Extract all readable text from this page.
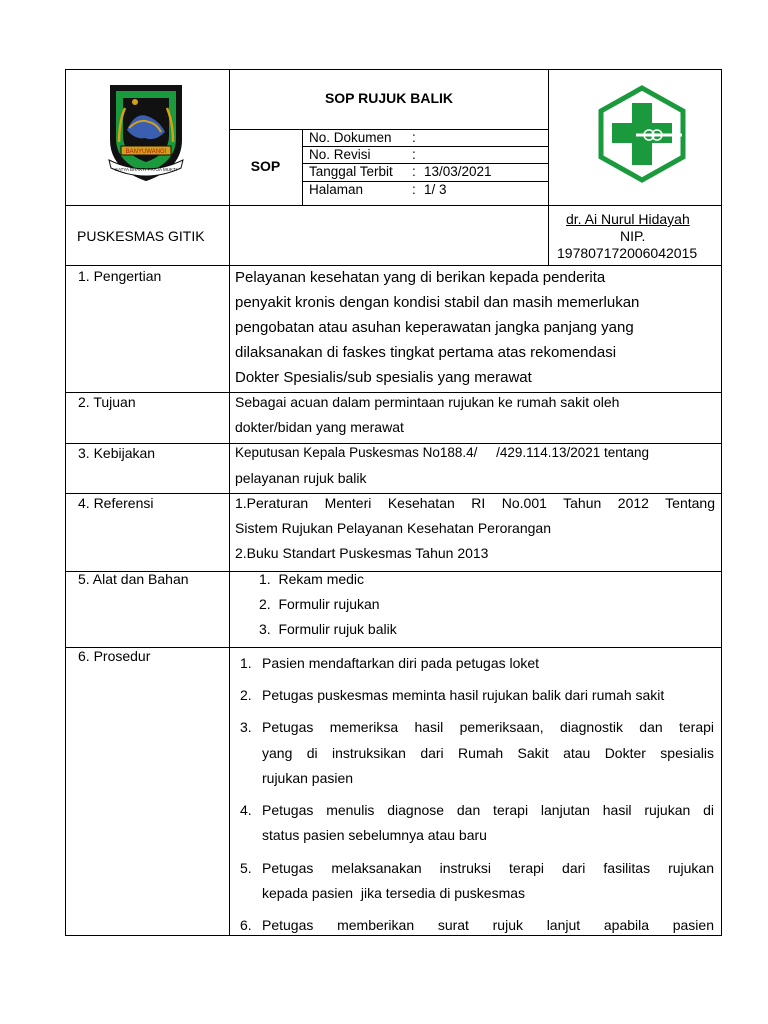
BANYUWANGI
SATYA BHAKTI PRAJA MUKTI
SOP RUJUK BALIK
SOP
No. Dokumen :
No. Revisi	:
Tanggal Terbit : 13/03/2021
Halaman	: 1/ 3
PUSKESMAS GITIK
dr. Ai Nurul Hidayah
NIP.
197807172006042015
1. Pengertian	Pelayanan kesehatan yang di berikan kepada penderita
penyakit kronis dengan kondisi stabil dan masih memerlukan
pengobatan atau asuhan keperawatan jangka panjang yang
dilaksanakan di faskes tingkat pertama atas rekomendasi
Dokter Spesialis/sub spesialis yang merawat
2. Tujuan	Sebagai acuan dalam permintaan rujukan ke rumah sakit oleh
dokter/bidan yang merawat
3. Kebijakan	Keputusan Kepala Puskesmas No188.4/     /429.114.13/2021 tentang
pelayanan rujuk balik
4. Referensi	1.Peraturan Menteri Kesehatan RI No.001 Tahun 2012 Tentang
Sistem Rujukan Pelayanan Kesehatan Perorangan
2.Buku Standart Puskesmas Tahun 2013
5. Alat dan Bahan	1.  Rekam medic
2.  Formulir rujukan
3.  Formulir rujuk balik
6. Prosedur	1. Pasien mendaftarkan diri pada petugas loket
2. Petugas puskesmas meminta hasil rujukan balik dari rumah sakit
3. Petugas memeriksa hasil pemeriksaan, diagnostik dan terapi
yang di instruksikan dari Rumah Sakit atau Dokter spesialis
rujukan pasien
4. Petugas menulis diagnose dan terapi lanjutan hasil rujukan di
status pasien sebelumnya atau baru
5. Petugas melaksanakan instruksi terapi dari fasilitas rujukan
kepada pasien  jika tersedia di puskesmas
6. Petugas memberikan surat rujuk lanjut apabila pasien
